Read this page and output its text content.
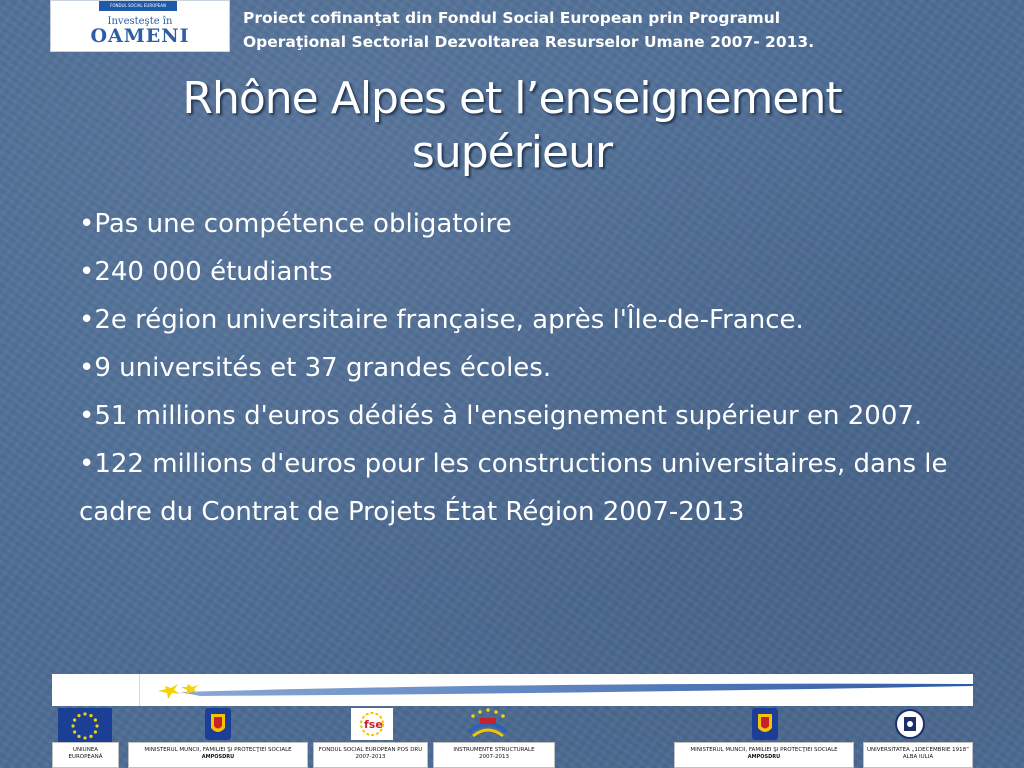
FONDUL SOCIAL EUROPEAN
Investeşte în
OAMENI
Proiect cofinanţat din Fondul Social European prin Programul
Operaţional Sectorial Dezvoltarea Resurselor Umane 2007- 2013.
Rhône Alpes et l’enseignement
supérieur
•Pas une compétence obligatoire
•240 000 étudiants
•2e région universitaire française, après l'Île-de-France.
•9 universités et 37 grandes écoles.
•51 millions d'euros dédiés à l'enseignement supérieur en 2007.
•122 millions d'euros pour les constructions universitaires, dans le cadre du Contrat de Projets État Région 2007-2013
fse
UNIUNEA
EUROPEANĂ
MINISTERUL MUNCII, FAMILIEI ŞI PROTECŢIEI SOCIALE
AMPOSDRU
FONDUL SOCIAL EUROPEAN POS DRU
2007-2013
INSTRUMENTE STRUCTURALE
2007-2013
MINISTERUL MUNCII, FAMILIEI ŞI PROTECŢIEI SOCIALE
AMPOSDRU
UNIVERSITATEA „1DECEMBRIE 1918”
ALBA IULIA
